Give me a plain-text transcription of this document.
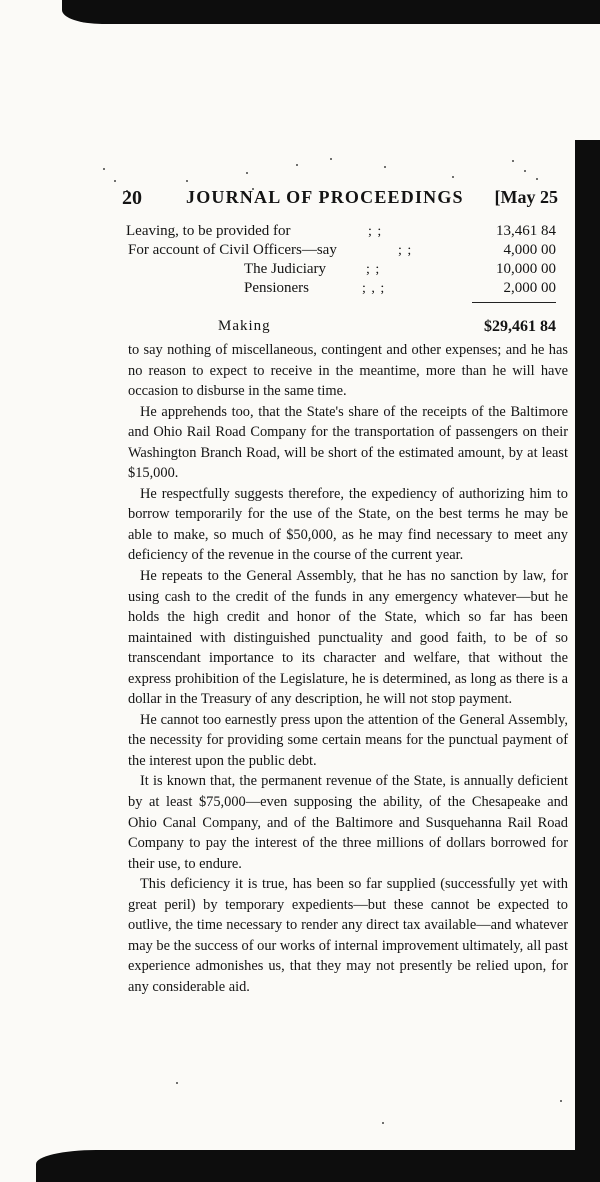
20 JOURNAL OF PROCEEDINGS [May 25
Leaving, to be provided for	; ;	13,461 84
For account of Civil Officers—say	; ;	4,000 00
The Judiciary	; ;	10,000 00
Pensioners	; , ;	2,000 00
Making	$29,461 84

to say nothing of miscellaneous, contingent and other expenses; and he has no reason to expect to receive in the meantime, more than he will have occasion to disburse in the same time.

He apprehends too, that the State's share of the receipts of the Baltimore and Ohio Rail Road Company for the transportation of passengers on their Washington Branch Road, will be short of the estimated amount, by at least $15,000.

He respectfully suggests therefore, the expediency of authorizing him to borrow temporarily for the use of the State, on the best terms he may be able to make, so much of $50,000, as he may find necessary to meet any deficiency of the revenue in the course of the current year.

He repeats to the General Assembly, that he has no sanction by law, for using cash to the credit of the funds in any emergency whatever—but he holds the high credit and honor of the State, which so far has been maintained with distinguished punctuality and good faith, to be of so transcendant importance to its character and welfare, that without the express prohibition of the Legislature, he is determined, as long as there is a dollar in the Treasury of any description, he will not stop payment.

He cannot too earnestly press upon the attention of the General Assembly, the necessity for providing some certain means for the punctual payment of the interest upon the public debt.

It is known that, the permanent revenue of the State, is annually deficient by at least $75,000—even supposing the ability, of the Chesapeake and Ohio Canal Company, and of the Baltimore and Susquehanna Rail Road Company to pay the interest of the three millions of dollars borrowed for their use, to endure.

This deficiency it is true, has been so far supplied (successfully yet with great peril) by temporary expedients—but these cannot be expected to outlive, the time necessary to render any direct tax available—and whatever may be the success of our works of internal improvement ultimately, all past experience admonishes us, that they may not presently be relied upon, for any considerable aid.
